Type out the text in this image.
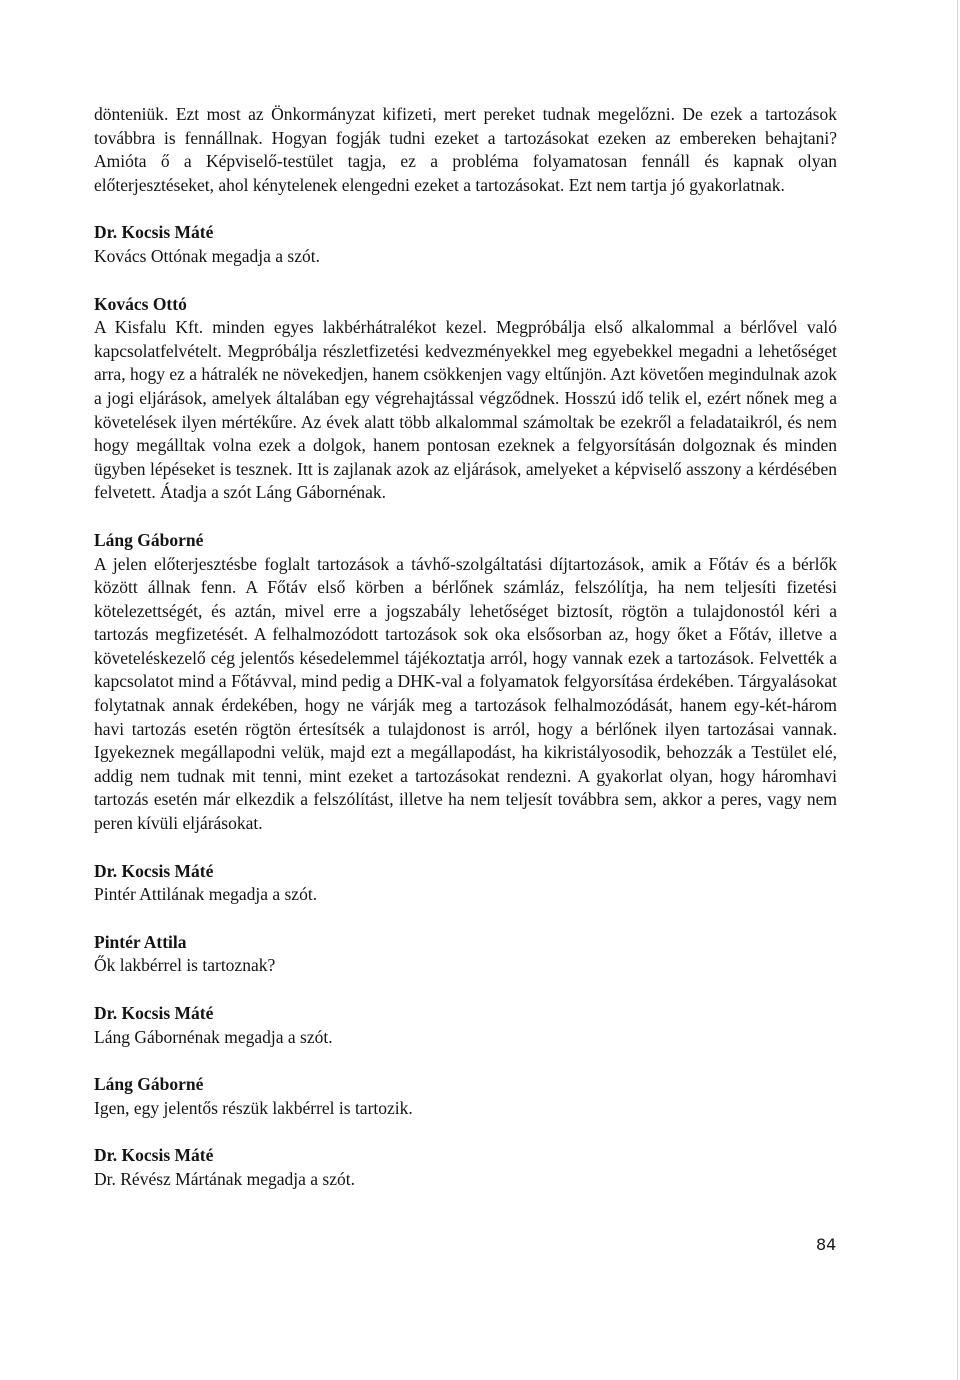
dönteniük. Ezt most az Önkormányzat kifizeti, mert pereket tudnak megelőzni. De ezek a tartozások továbbra is fennállnak. Hogyan fogják tudni ezeket a tartozásokat ezeken az embereken behajtani? Amióta ő a Képviselő-testület tagja, ez a probléma folyamatosan fennáll és kapnak olyan előterjesztéseket, ahol kénytelenek elengedni ezeket a tartozásokat. Ezt nem tartja jó gyakorlatnak.

Dr. Kocsis Máté

Kovács Ottónak megadja a szót.

Kovács Ottó

A Kisfalu Kft. minden egyes lakbérhátralékot kezel. Megpróbálja első alkalommal a bérlővel való kapcsolatfelvételt. Megpróbálja részletfizetési kedvezményekkel meg egyebekkel megadni a lehetőséget arra, hogy ez a hátralék ne növekedjen, hanem csökkenjen vagy eltűnjön. Azt követően megindulnak azok a jogi eljárások, amelyek általában egy végrehajtással végződnek. Hosszú idő telik el, ezért nőnek meg a követelések ilyen mértékűre. Az évek alatt több alkalommal számoltak be ezekről a feladataikról, és nem hogy megálltak volna ezek a dolgok, hanem pontosan ezeknek a felgyorsításán dolgoznak és minden ügyben lépéseket is tesznek. Itt is zajlanak azok az eljárások, amelyeket a képviselő asszony a kérdésében felvetett. Átadja a szót Láng Gábornénak.

Láng Gáborné

A jelen előterjesztésbe foglalt tartozások a távhő-szolgáltatási díjtartozások, amik a Főtáv és a bérlők között állnak fenn. A Főtáv első körben a bérlőnek számláz, felszólítja, ha nem teljesíti fizetési kötelezettségét, és aztán, mivel erre a jogszabály lehetőséget biztosít, rögtön a tulajdonostól kéri a tartozás megfizetését. A felhalmozódott tartozások sok oka elsősorban az, hogy őket a Főtáv, illetve a követeléskezelő cég jelentős késedelemmel tájékoztatja arról, hogy vannak ezek a tartozások. Felvették a kapcsolatot mind a Főtávval, mind pedig a DHK-val a folyamatok felgyorsítása érdekében. Tárgyalásokat folytatnak annak érdekében, hogy ne várják meg a tartozások felhalmozódását, hanem egy-két-három havi tartozás esetén rögtön értesítsék a tulajdonost is arról, hogy a bérlőnek ilyen tartozásai vannak. Igyekeznek megállapodni velük, majd ezt a megállapodást, ha kikristályosodik, behozzák a Testület elé, addig nem tudnak mit tenni, mint ezeket a tartozásokat rendezni. A gyakorlat olyan, hogy háromhavi tartozás esetén már elkezdik a felszólítást, illetve ha nem teljesít továbbra sem, akkor a peres, vagy nem peren kívüli eljárásokat.

Dr. Kocsis Máté

Pintér Attilának megadja a szót.

Pintér Attila

Ők lakbérrel is tartoznak?

Dr. Kocsis Máté

Láng Gábornénak megadja a szót.

Láng Gáborné

Igen, egy jelentős részük lakbérrel is tartozik.

Dr. Kocsis Máté

Dr. Révész Mártának megadja a szót.

84
